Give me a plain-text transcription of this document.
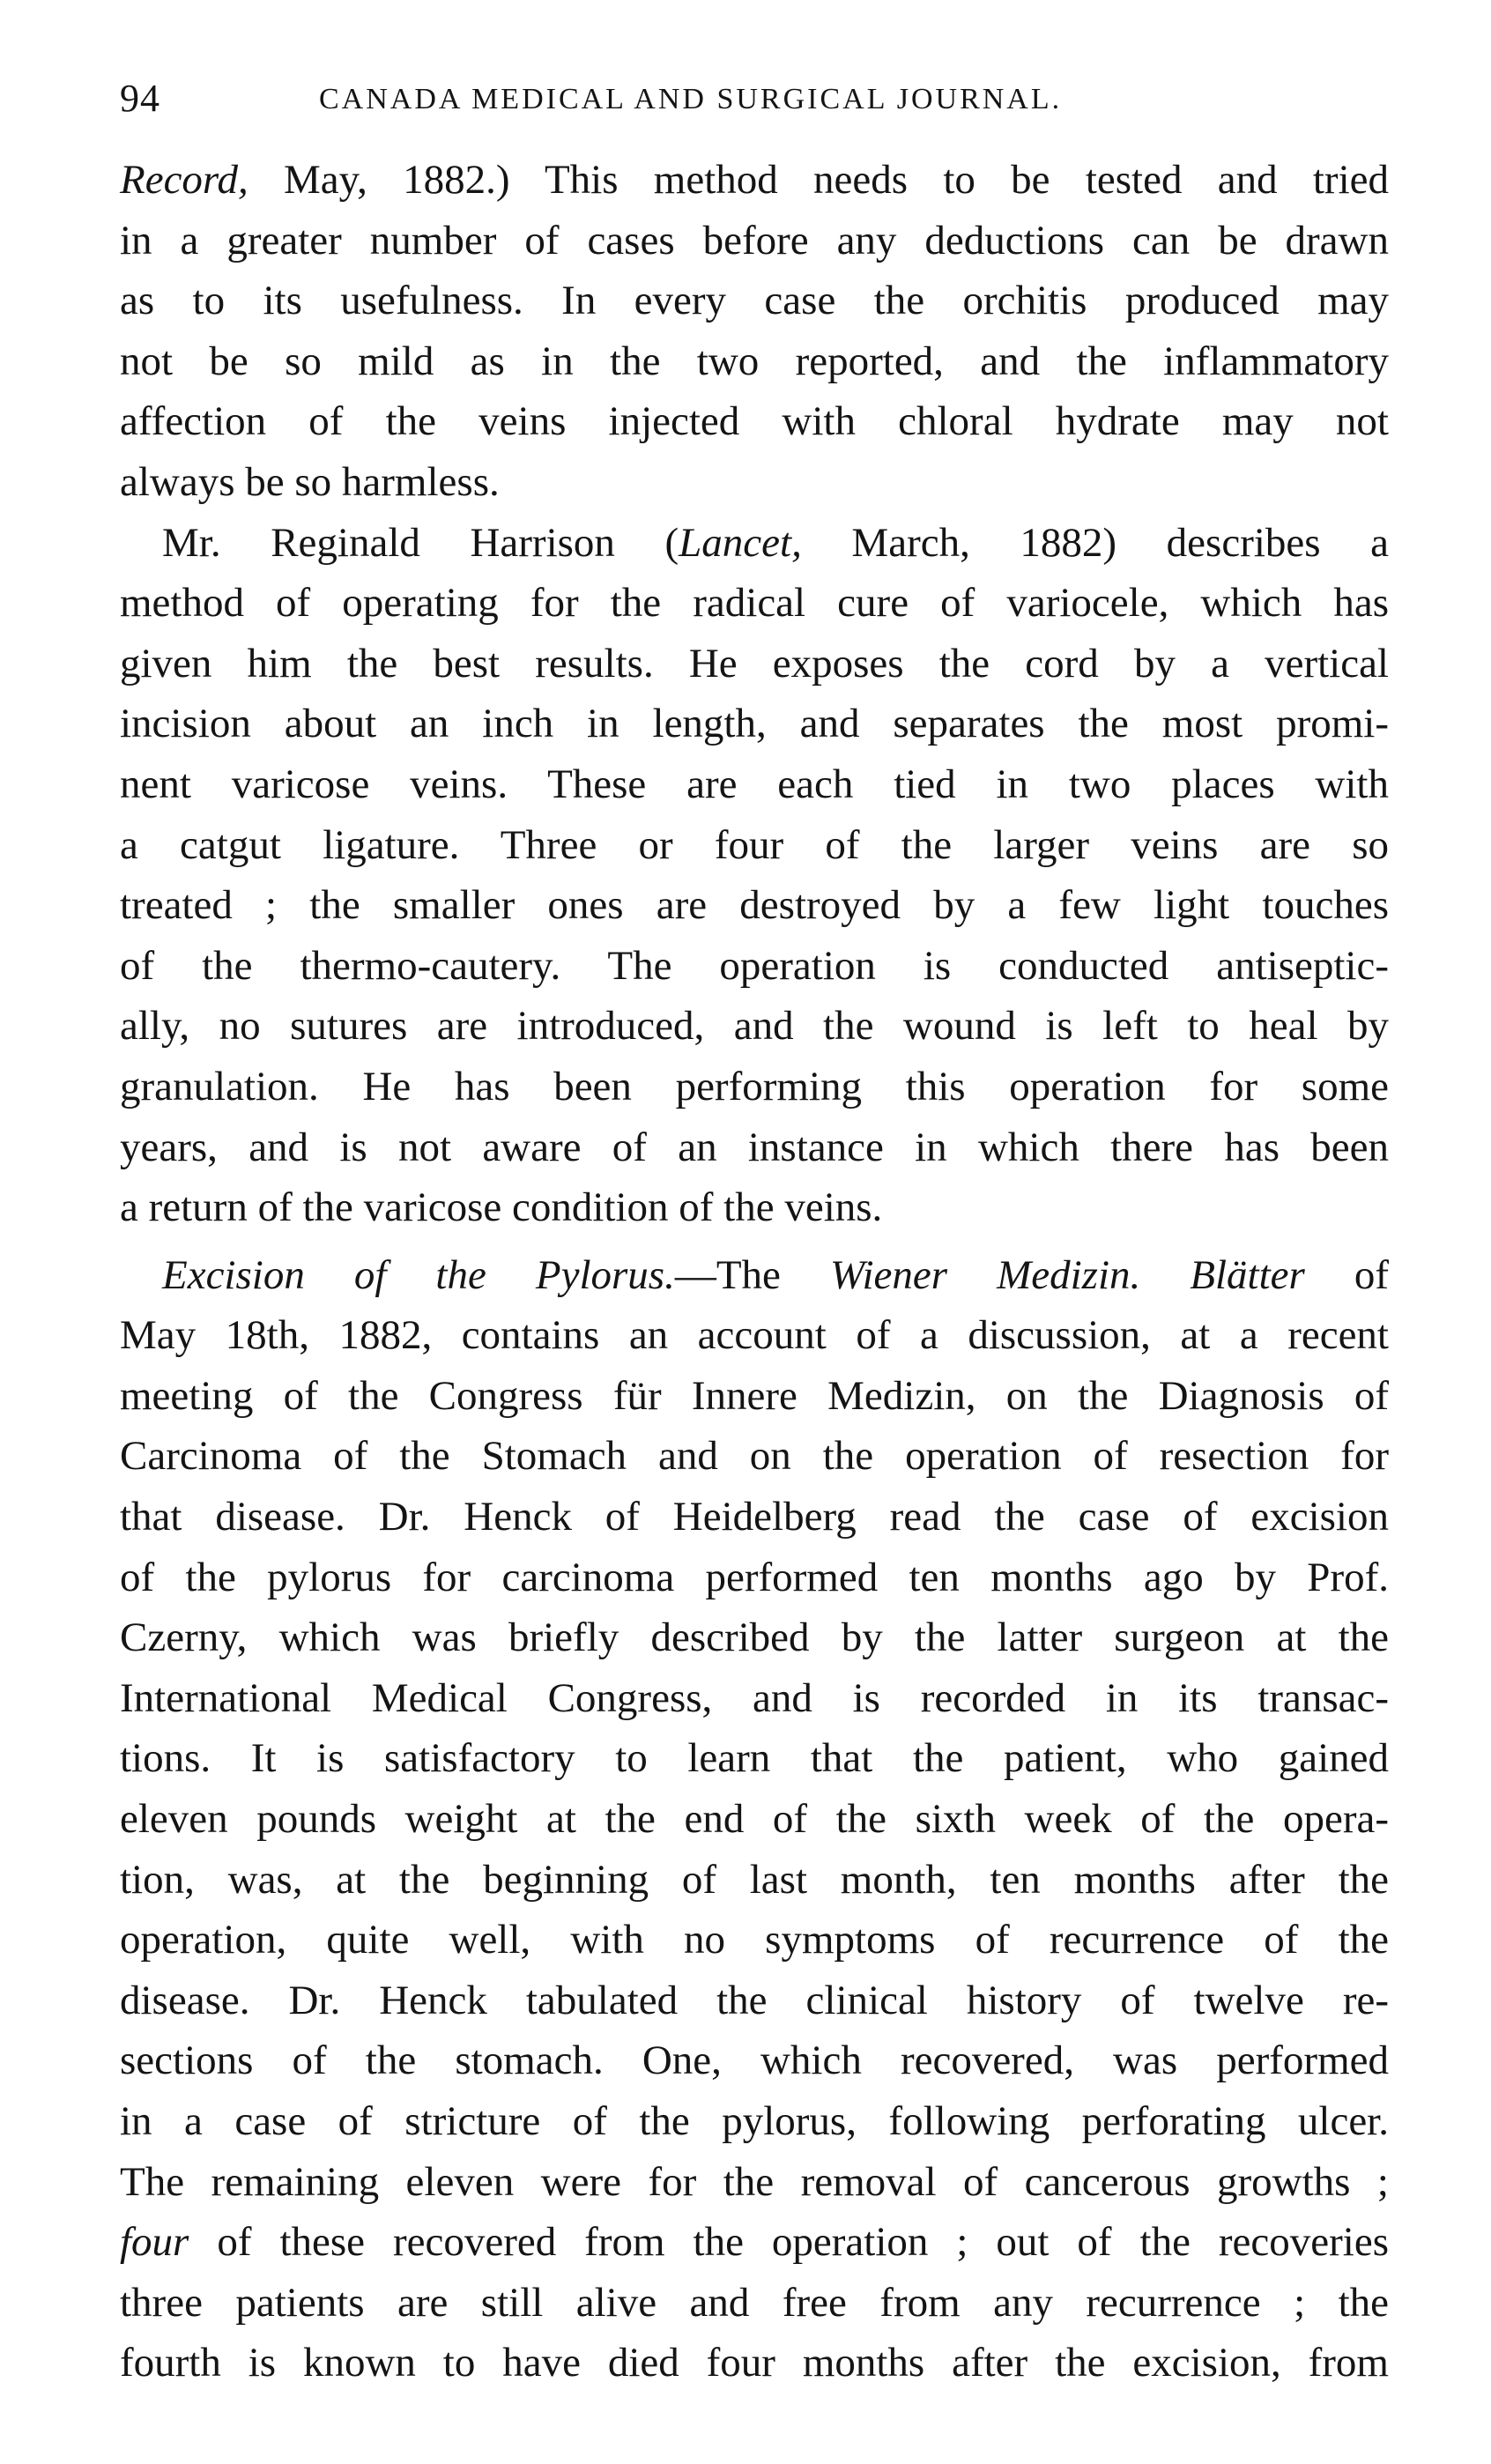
94	CANADA MEDICAL AND SURGICAL JOURNAL.
Record, May, 1882.) This method needs to be tested and tried
in a greater number of cases before any deductions can be drawn
as to its usefulness. In every case the orchitis produced may
not be so mild as in the two reported, and the inflammatory
affection of the veins injected with chloral hydrate may not
always be so harmless.
Mr. Reginald Harrison (Lancet, March, 1882) describes a
method of operating for the radical cure of variocele, which has
given him the best results. He exposes the cord by a vertical
incision about an inch in length, and separates the most promi-
nent varicose veins. These are each tied in two places with
a catgut ligature. Three or four of the larger veins are so
treated ; the smaller ones are destroyed by a few light touches
of the thermo-cautery. The operation is conducted antiseptic-
ally, no sutures are introduced, and the wound is left to heal by
granulation. He has been performing this operation for some
years, and is not aware of an instance in which there has been
a return of the varicose condition of the veins.
Excision of the Pylorus.—The Wiener Medizin. Blätter of
May 18th, 1882, contains an account of a discussion, at a recent
meeting of the Congress für Innere Medizin, on the Diagnosis of
Carcinoma of the Stomach and on the operation of resection for
that disease. Dr. Henck of Heidelberg read the case of excision
of the pylorus for carcinoma performed ten months ago by Prof.
Czerny, which was briefly described by the latter surgeon at the
International Medical Congress, and is recorded in its transac-
tions. It is satisfactory to learn that the patient, who gained
eleven pounds weight at the end of the sixth week of the opera-
tion, was, at the beginning of last month, ten months after the
operation, quite well, with no symptoms of recurrence of the
disease. Dr. Henck tabulated the clinical history of twelve re-
sections of the stomach. One, which recovered, was performed
in a case of stricture of the pylorus, following perforating ulcer.
The remaining eleven were for the removal of cancerous growths ;
four of these recovered from the operation ; out of the recoveries
three patients are still alive and free from any recurrence ; the
fourth is known to have died four months after the excision, from
